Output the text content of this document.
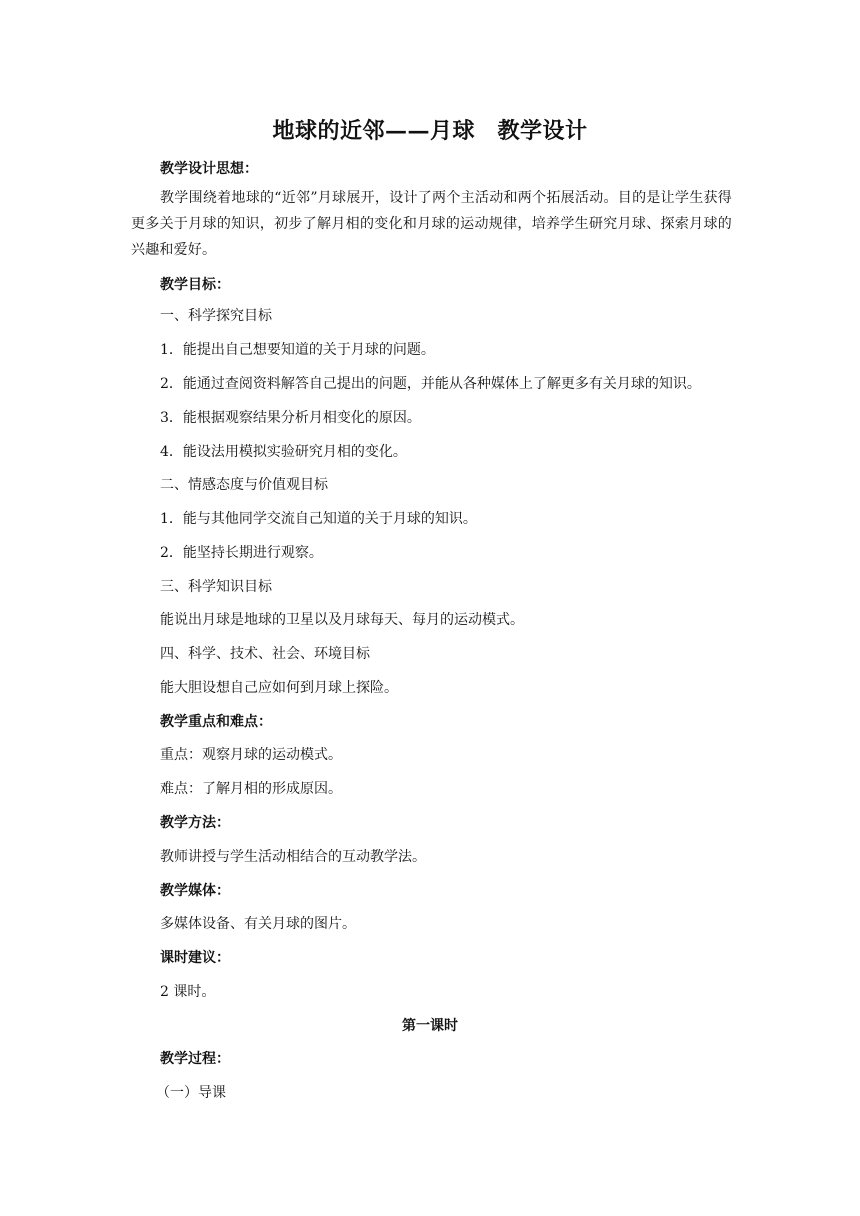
地球的近邻——月球　教学设计
教学设计思想：
教学围绕着地球的“近邻”月球展开，设计了两个主活动和两个拓展活动。目的是让学生获得更多关于月球的知识，初步了解月相的变化和月球的运动规律，培养学生研究月球、探索月球的兴趣和爱好。
教学目标：
一、科学探究目标
1．能提出自己想要知道的关于月球的问题。
2．能通过查阅资料解答自己提出的问题，并能从各种媒体上了解更多有关月球的知识。
3．能根据观察结果分析月相变化的原因。
4．能设法用模拟实验研究月相的变化。
二、情感态度与价值观目标
1．能与其他同学交流自己知道的关于月球的知识。
2．能坚持长期进行观察。
三、科学知识目标
能说出月球是地球的卫星以及月球每天、每月的运动模式。
四、科学、技术、社会、环境目标
能大胆设想自己应如何到月球上探险。
教学重点和难点：
重点：观察月球的运动模式。
难点：了解月相的形成原因。
教学方法：
教师讲授与学生活动相结合的互动教学法。
教学媒体：
多媒体设备、有关月球的图片。
课时建议：
2 课时。
第一课时
教学过程：
（一）导课
